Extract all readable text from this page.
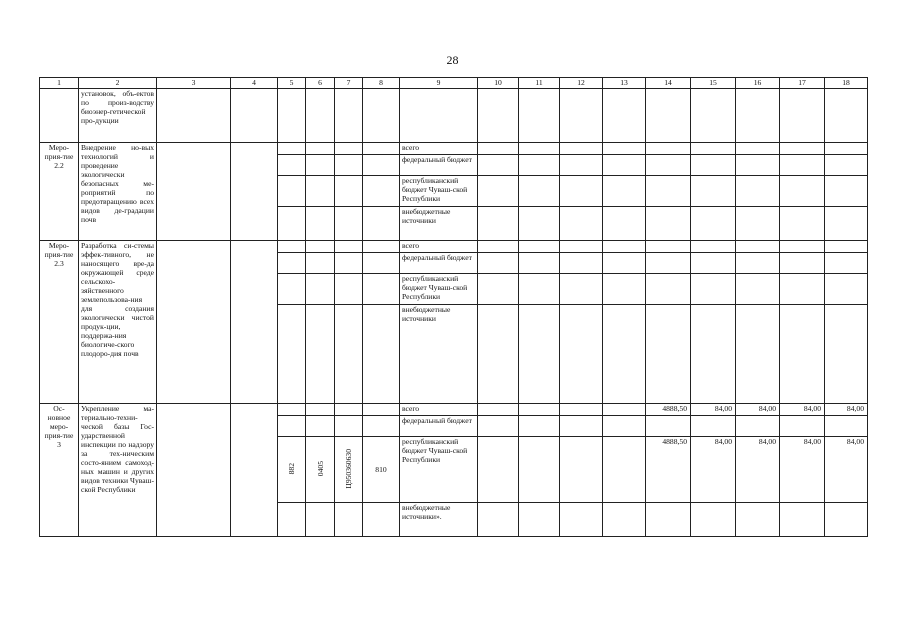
28
1	2	3	4	5	6	7	8	9	10	11	12	13	14	15	16	17	18
	установок, объ-ектов по произ-водству биоэнер-гетической про-дукции																
Меро-прия-тие 2.2	Внедрение но-вых технологий и проведение экологически безопасных ме-роприятий по предотвращению всех видов де-градации почв							всего									
								федеральный бюджет									
								республиканский бюджет Чуваш-ской Республики									
								внебюджетные источники									
Меро-прия-тие 2.3	Разработка си-стемы эффек-тивного, не наносящего вре-да окружающей среде сельскохо-зяйственного землепользова-ния для создания экологически чистой продук-ции, поддержа-ния биологиче-ского плодоро-дия почв							всего									
								федеральный бюджет									
								республиканский бюджет Чуваш-ской Республики									
								внебюджетные источники									
Ос-новное меро-прия-тие 3	Укрепление ма-териально-техни-ческой базы Гос-ударственной инспекции по надзору за тех-ническим состо-янием самоход-ных машин и других видов техники Чуваш-ской Республики							всего					4888,50	84,00	84,00	84,00	84,00
								федеральный бюджет									
				882	0405	Ц950360630	810	республиканский бюджет Чуваш-ской Республики					4888,50	84,00	84,00	84,00	84,00
								внебюджетные источники».									
